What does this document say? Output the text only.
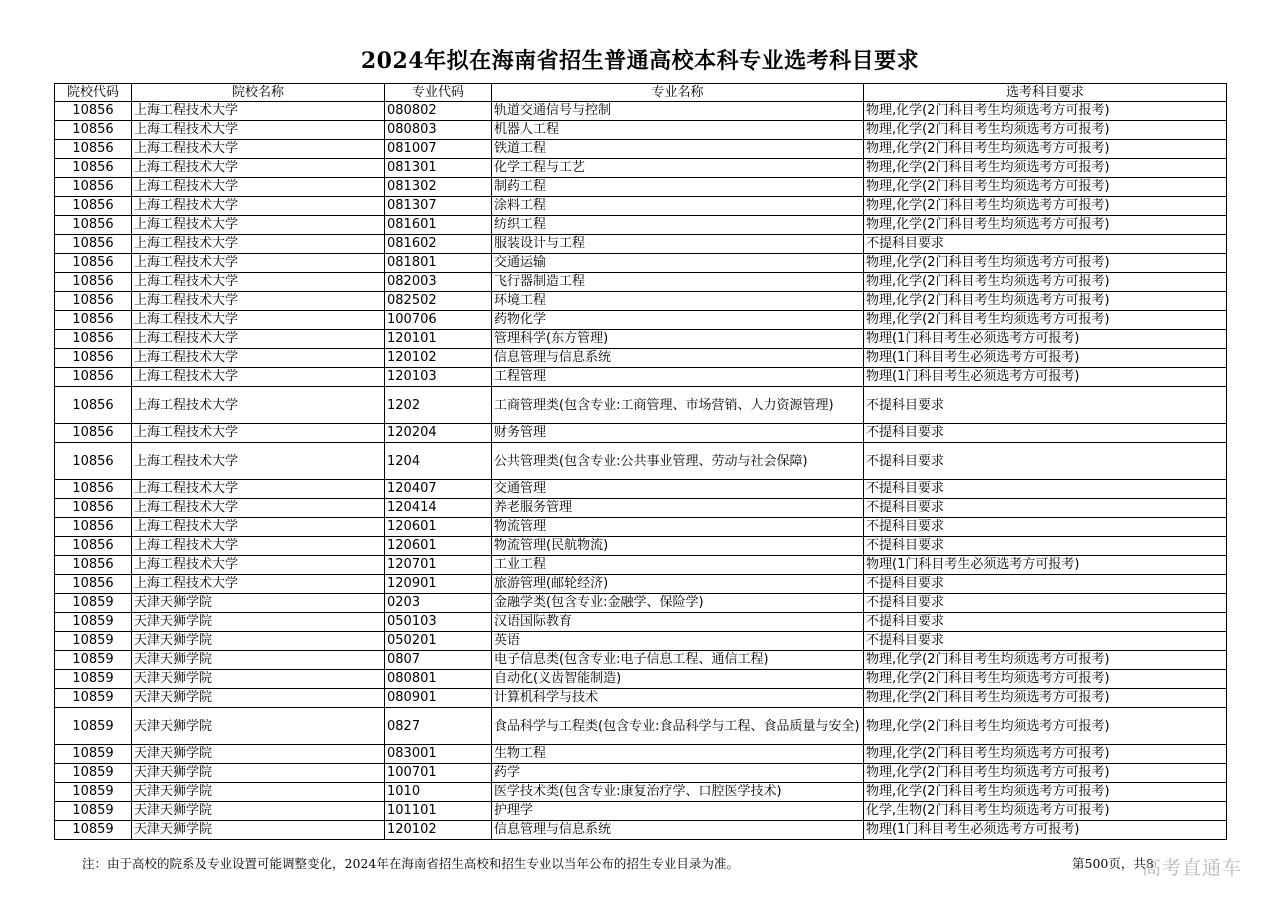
2024年拟在海南省招生普通高校本科专业选考科目要求
院校代码	院校名称	专业代码	专业名称	选考科目要求
10856	上海工程技术大学	080802	轨道交通信号与控制	物理,化学(2门科目考生均须选考方可报考)
10856	上海工程技术大学	080803	机器人工程	物理,化学(2门科目考生均须选考方可报考)
10856	上海工程技术大学	081007	铁道工程	物理,化学(2门科目考生均须选考方可报考)
10856	上海工程技术大学	081301	化学工程与工艺	物理,化学(2门科目考生均须选考方可报考)
10856	上海工程技术大学	081302	制药工程	物理,化学(2门科目考生均须选考方可报考)
10856	上海工程技术大学	081307	涂料工程	物理,化学(2门科目考生均须选考方可报考)
10856	上海工程技术大学	081601	纺织工程	物理,化学(2门科目考生均须选考方可报考)
10856	上海工程技术大学	081602	服装设计与工程	不提科目要求
10856	上海工程技术大学	081801	交通运输	物理,化学(2门科目考生均须选考方可报考)
10856	上海工程技术大学	082003	飞行器制造工程	物理,化学(2门科目考生均须选考方可报考)
10856	上海工程技术大学	082502	环境工程	物理,化学(2门科目考生均须选考方可报考)
10856	上海工程技术大学	100706	药物化学	物理,化学(2门科目考生均须选考方可报考)
10856	上海工程技术大学	120101	管理科学(东方管理)	物理(1门科目考生必须选考方可报考)
10856	上海工程技术大学	120102	信息管理与信息系统	物理(1门科目考生必须选考方可报考)
10856	上海工程技术大学	120103	工程管理	物理(1门科目考生必须选考方可报考)
10856	上海工程技术大学	1202	工商管理类(包含专业:工商管理、市场营销、人力资源管理)	不提科目要求
10856	上海工程技术大学	120204	财务管理	不提科目要求
10856	上海工程技术大学	1204	公共管理类(包含专业:公共事业管理、劳动与社会保障)	不提科目要求
10856	上海工程技术大学	120407	交通管理	不提科目要求
10856	上海工程技术大学	120414	养老服务管理	不提科目要求
10856	上海工程技术大学	120601	物流管理	不提科目要求
10856	上海工程技术大学	120601	物流管理(民航物流)	不提科目要求
10856	上海工程技术大学	120701	工业工程	物理(1门科目考生必须选考方可报考)
10856	上海工程技术大学	120901	旅游管理(邮轮经济)	不提科目要求
10859	天津天狮学院	0203	金融学类(包含专业:金融学、保险学)	不提科目要求
10859	天津天狮学院	050103	汉语国际教育	不提科目要求
10859	天津天狮学院	050201	英语	不提科目要求
10859	天津天狮学院	0807	电子信息类(包含专业:电子信息工程、通信工程)	物理,化学(2门科目考生均须选考方可报考)
10859	天津天狮学院	080801	自动化(义齿智能制造)	物理,化学(2门科目考生均须选考方可报考)
10859	天津天狮学院	080901	计算机科学与技术	物理,化学(2门科目考生均须选考方可报考)
10859	天津天狮学院	0827	食品科学与工程类(包含专业:食品科学与工程、食品质量与安全)	物理,化学(2门科目考生均须选考方可报考)
10859	天津天狮学院	083001	生物工程	物理,化学(2门科目考生均须选考方可报考)
10859	天津天狮学院	100701	药学	物理,化学(2门科目考生均须选考方可报考)
10859	天津天狮学院	1010	医学技术类(包含专业:康复治疗学、口腔医学技术)	物理,化学(2门科目考生均须选考方可报考)
10859	天津天狮学院	101101	护理学	化学,生物(2门科目考生均须选考方可报考)
10859	天津天狮学院	120102	信息管理与信息系统	物理(1门科目考生必须选考方可报考)
注：由于高校的院系及专业设置可能调整变化，2024年在海南省招生高校和招生专业以当年公布的招生专业目录为准。	第500页，共8
高考直通车
